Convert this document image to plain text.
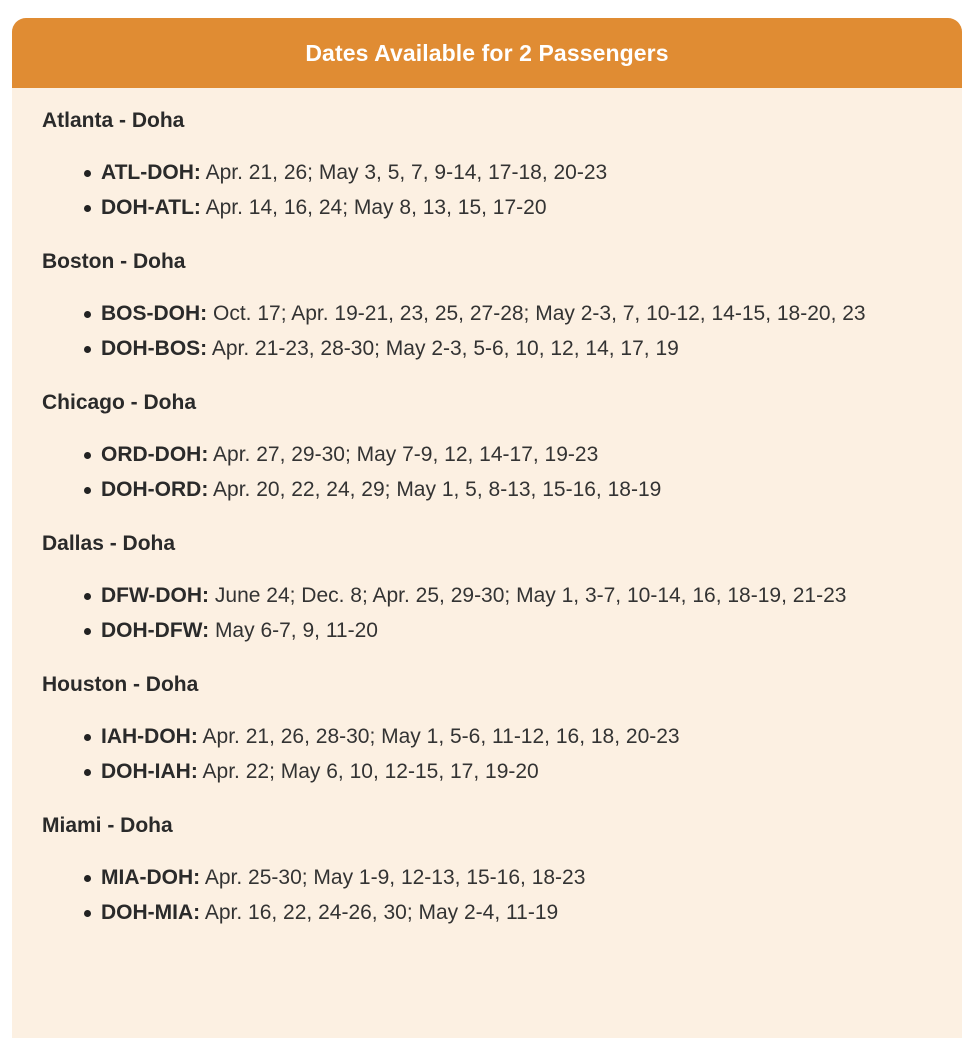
Dates Available for 2 Passengers
Atlanta - Doha
ATL-DOH: Apr. 21, 26; May 3, 5, 7, 9-14, 17-18, 20-23
DOH-ATL: Apr. 14, 16, 24; May 8, 13, 15, 17-20
Boston - Doha
BOS-DOH: Oct. 17; Apr. 19-21, 23, 25, 27-28; May 2-3, 7, 10-12, 14-15, 18-20, 23
DOH-BOS: Apr. 21-23, 28-30; May 2-3, 5-6, 10, 12, 14, 17, 19
Chicago - Doha
ORD-DOH: Apr. 27, 29-30; May 7-9, 12, 14-17, 19-23
DOH-ORD: Apr. 20, 22, 24, 29; May 1, 5, 8-13, 15-16, 18-19
Dallas - Doha
DFW-DOH: June 24; Dec. 8; Apr. 25, 29-30; May 1, 3-7, 10-14, 16, 18-19, 21-23
DOH-DFW: May 6-7, 9, 11-20
Houston - Doha
IAH-DOH: Apr. 21, 26, 28-30; May 1, 5-6, 11-12, 16, 18, 20-23
DOH-IAH: Apr. 22; May 6, 10, 12-15, 17, 19-20
Miami - Doha
MIA-DOH: Apr. 25-30; May 1-9, 12-13, 15-16, 18-23
DOH-MIA: Apr. 16, 22, 24-26, 30; May 2-4, 11-19
